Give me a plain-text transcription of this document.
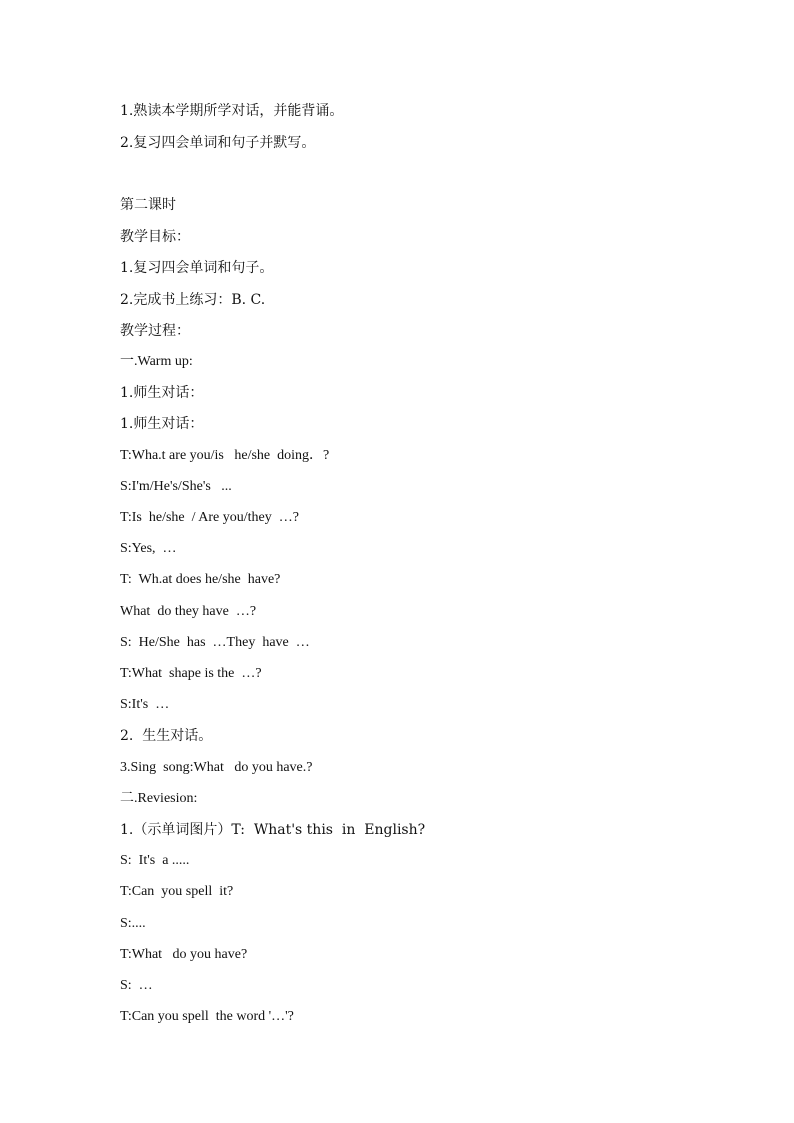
1.熟读本学期所学对话，并能背诵。
2.复习四会单词和句子并默写。
第二课时
教学目标：
1.复习四会单词和句子。
2.完成书上练习：B. C.
教学过程：
一.Warm up:
1.师生对话：
1.师生对话：
T:Wha.t are you/is   he/she  doing．?
S:I'm/He's/She's   ...
T:Is  he/she  / Are you/they  …?
S:Yes,  …
T:  Wh.at does he/she  have?
What  do they have  …?
S:  He/She  has  …They  have  …
T:What  shape is the  …?
S:It's  …
2.  生生对话。
3.Sing  song:What   do you have.?
二.Reviesion:
1.（示单词图片）T:  What's this  in  English?
S:  It's  a .....
T:Can  you spell  it?
S:....
T:What   do you have?
S:  …
T:Can you spell  the word '…'?
